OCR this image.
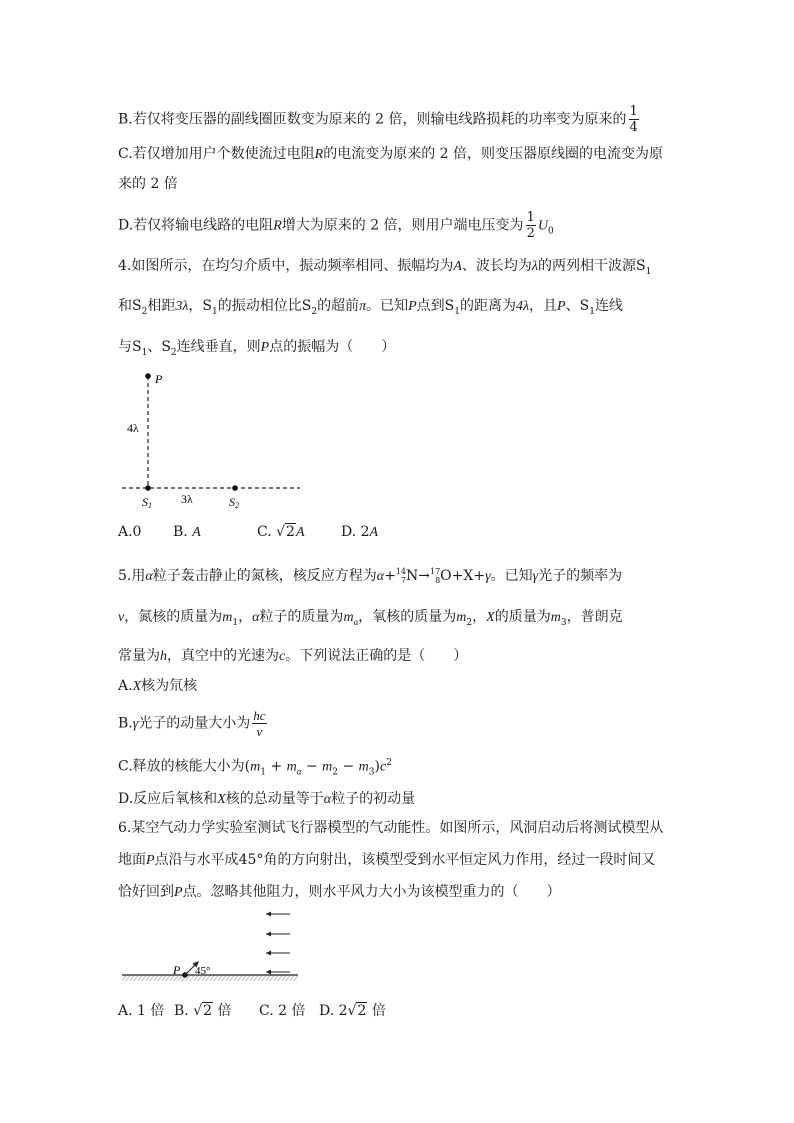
B.若仅将变压器的副线圈匝数变为原来的 2 倍，则输电线路损耗的功率变为原来的 $\frac{1}{4}$
C.若仅增加用户个数使流过电阻R的电流变为原来的 2 倍，则变压器原线圈的电流变为原
来的 2 倍
D.若仅将输电线路的电阻R增大为原来的 2 倍，则用户端电压变为 $\frac{1}{2} U_0$
4.如图所示，在均匀介质中，振动频率相同、振幅均为A、波长均为λ的两列相干波源$S_1$
和$S_2$相距3λ，$S_1$的振动相位比$S_2$的超前π。已知P点到$S_1$的距离为4λ，且P、$S_1$连线
与$S_1$、$S_2$连线垂直，则P点的振幅为（　　）
P
4λ
3λ
S1	S2
A.0 B. A	C. √2A	D. 2A
5.用α粒子轰击静止的氮核，核反应方程为α+ 14
7 N→ 17
8 O+X+γ。已知γ光子的频率为
ν，氮核的质量为$m_1$，α粒子的质量为$m_\alpha$，氧核的质量为$m_2$，X的质量为$m_3$，普朗克
常量为h，真空中的光速为c。下列说法正确的是（　　）
A.X核为氘核
B.γ光子的动量大小为 $\frac{hc}{\nu}$
C.释放的核能大小为$(m_1 + m_\alpha - m_2 - m_3)c^2$
D.反应后氧核和X核的总动量等于α粒子的初动量
6.某空气动力学实验室测试飞行器模型的气动能性。如图所示，风洞启动后将测试模型从
地面P点沿与水平成45°角的方向射出，该模型受到水平恒定风力作用，经过一段时间又
恰好回到P点。忽略其他阻力，则水平风力大小为该模型重力的（　　）
P 45°
A. 1 倍 B. √2 倍 C. 2 倍 D. 2√2 倍
